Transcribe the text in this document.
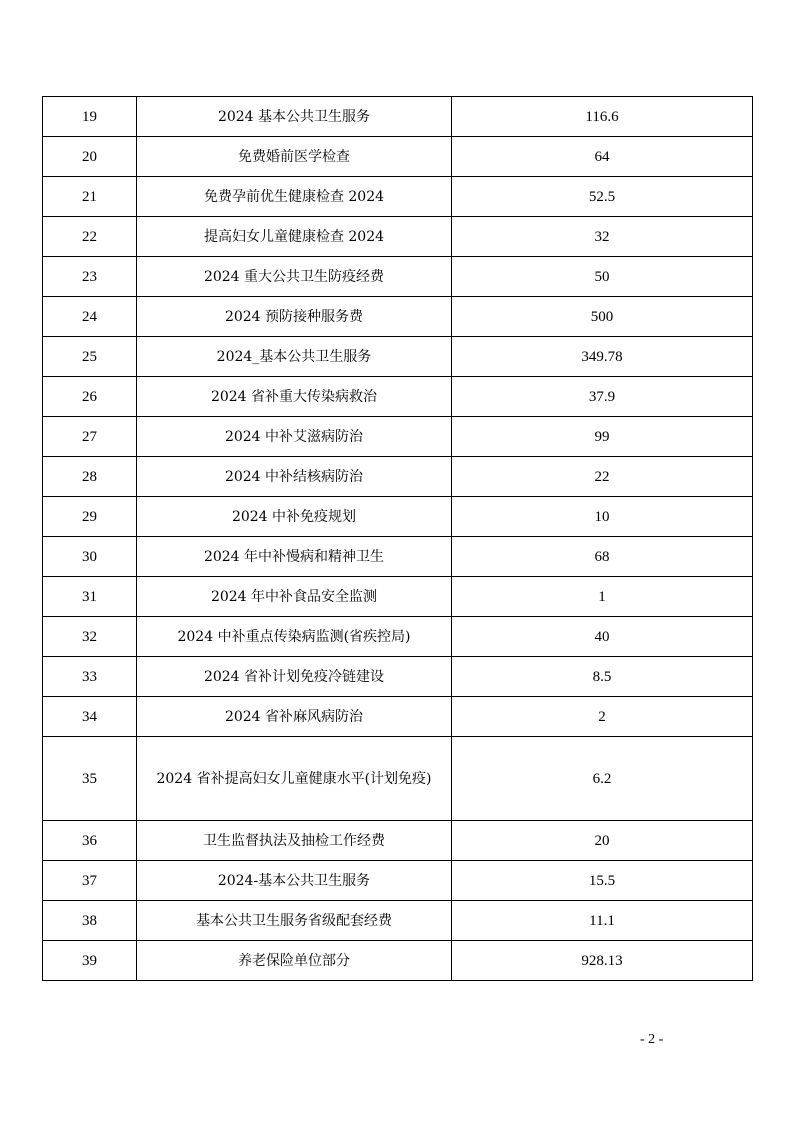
19	2024 基本公共卫生服务	116.6
20	免费婚前医学检查	64
21	免费孕前优生健康检查 2024	52.5
22	提高妇女儿童健康检查 2024	32
23	2024 重大公共卫生防疫经费	50
24	2024 预防接种服务费	500
25	2024_基本公共卫生服务	349.78
26	2024 省补重大传染病救治	37.9
27	2024 中补艾滋病防治	99
28	2024 中补结核病防治	22
29	2024 中补免疫规划	10
30	2024 年中补慢病和精神卫生	68
31	2024 年中补食品安全监测	1
32	2024 中补重点传染病监测(省疾控局)	40
33	2024 省补计划免疫冷链建设	8.5
34	2024 省补麻风病防治	2
35	2024 省补提高妇女儿童健康水平(计划免疫)	6.2
36	卫生监督执法及抽检工作经费	20
37	2024-基本公共卫生服务	15.5
38	基本公共卫生服务省级配套经费	11.1
39	养老保险单位部分	928.13
- 2 -
